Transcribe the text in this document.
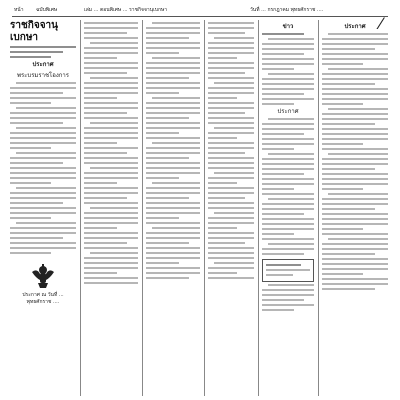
หน้า ฉบับพิเศษ	เล่ม ... ตอนพิเศษ ... ราชกิจจานุเบกษา	วันที่ ... กรกฎาคม พุทธศักราช ....
⁄
ราชกิจจานุเบกษา
ประกาศ
พระบรมราชโองการ
ประกาศ ณ วันที่ ... พุทธศักราช ....
ข่าว
ประกาศ
ประกาศ
